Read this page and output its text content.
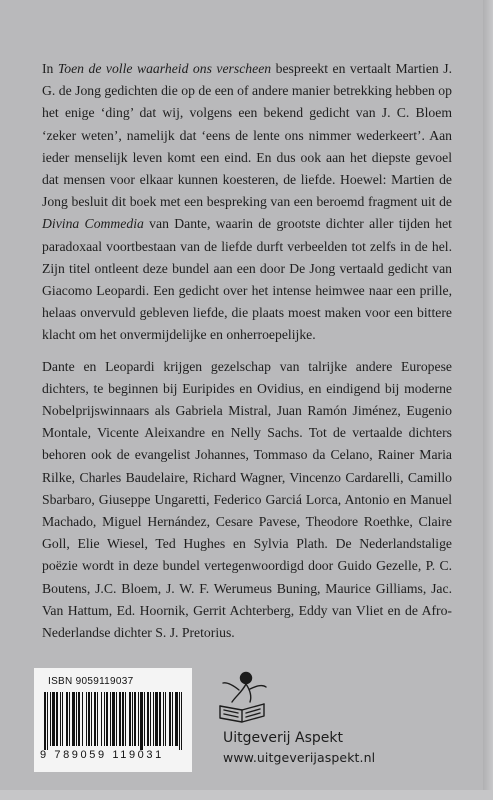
In Toen de volle waarheid ons verscheen bespreekt en vertaalt Martien J. G. de Jong gedichten die op de een of andere manier betrekking hebben op het enige ‘ding’ dat wij, volgens een bekend gedicht van J. C. Bloem ‘zeker weten’, namelijk dat ‘eens de lente ons nimmer wederkeert’. Aan ieder menselijk leven komt een eind. En dus ook aan het diepste gevoel dat mensen voor elkaar kunnen koesteren, de liefde. Hoewel: Martien de Jong besluit dit boek met een bespreking van een beroemd fragment uit de Divina Commedia van Dante, waarin de grootste dichter aller tijden het paradoxaal voortbestaan van de liefde durft verbeelden tot zelfs in de hel. Zijn titel ontleent deze bundel aan een door De Jong vertaald gedicht van Giacomo Leopardi. Een gedicht over het intense heimwee naar een prille, helaas onvervuld gebleven liefde, die plaats moest maken voor een bittere klacht om het onvermijdelijke en onherroepelijke.

Dante en Leopardi krijgen gezelschap van talrijke andere Europese dichters, te beginnen bij Euripides en Ovidius, en eindigend bij moderne Nobelprijswinnaars als Gabriela Mistral, Juan Ramón Jiménez, Eugenio Montale, Vicente Aleixandre en Nelly Sachs. Tot de vertaalde dichters behoren ook de evangelist Johannes, Tommaso da Celano, Rainer Maria Rilke, Charles Baudelaire, Richard Wagner, Vincenzo Cardarelli, Camillo Sbarbaro, Giuseppe Ungaretti, Federico Garciá Lorca, Antonio en Manuel Machado, Miguel Hernández, Cesare Pavese, Theodore Roethke, Claire Goll, Elie Wiesel, Ted Hughes en Sylvia Plath. De Nederlandstalige poëzie wordt in deze bundel vertegenwoordigd door Guido Gezelle, P. C. Boutens, J.C. Bloem, J. W. F. Werumeus Buning, Maurice Gilliams, Jac. Van Hattum, Ed. Hoornik, Gerrit Achterberg, Eddy van Vliet en de Afro-Nederlandse dichter S. J. Pretorius.

ISBN 9059119037
9 789059 119031
Uitgeverij Aspekt
www.uitgeverijaspekt.nl
